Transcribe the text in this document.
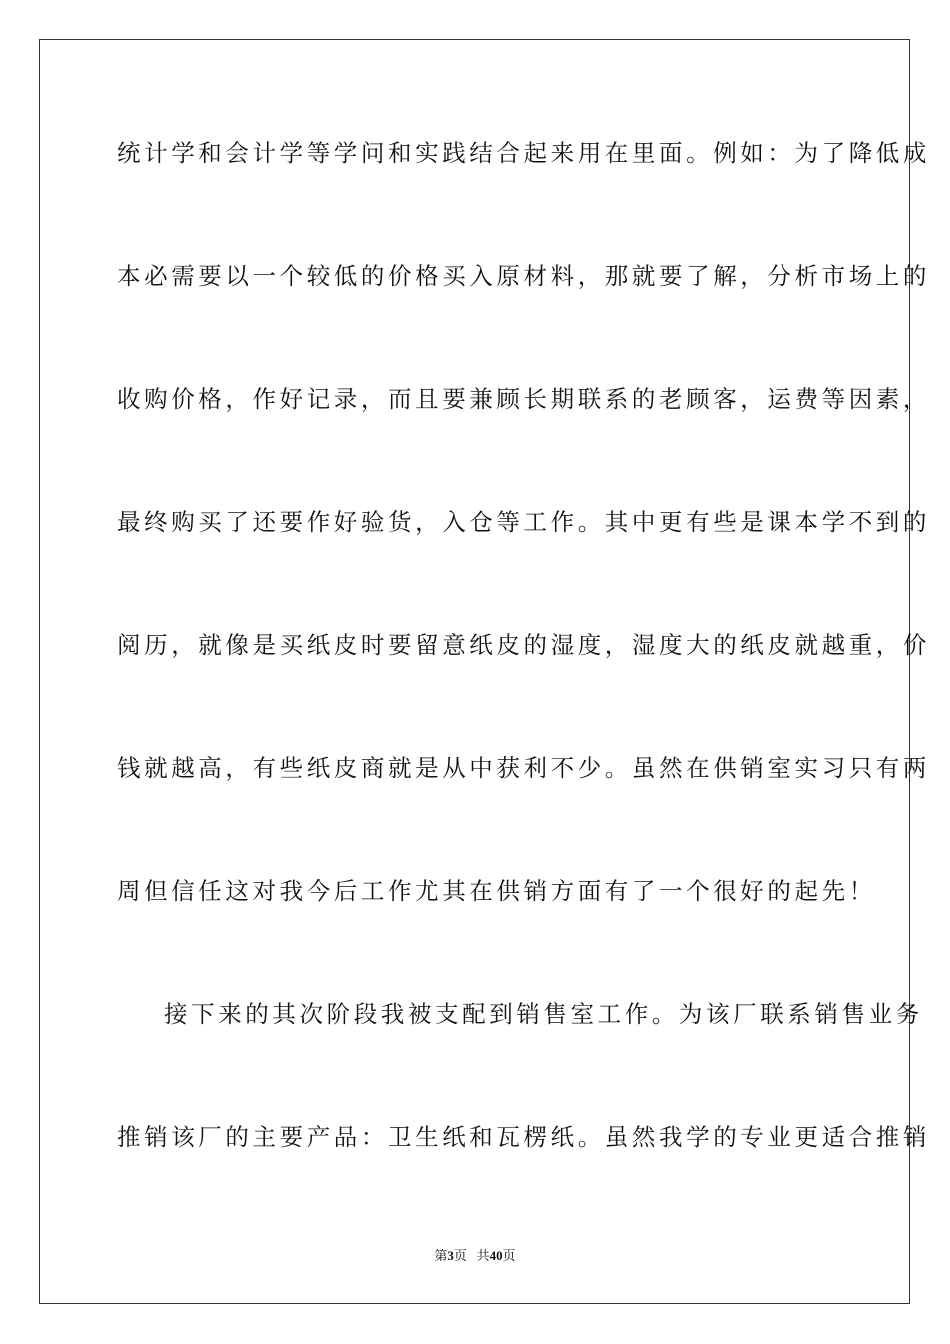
统计学和会计学等学问和实践结合起来用在里面。例如：为了降低成
本必需要以一个较低的价格买入原材料，那就要了解，分析市场上的
收购价格，作好记录，而且要兼顾长期联系的老顾客，运费等因素，
最终购买了还要作好验货，入仓等工作。其中更有些是课本学不到的
阅历，就像是买纸皮时要留意纸皮的湿度，湿度大的纸皮就越重，价
钱就越高，有些纸皮商就是从中获利不少。虽然在供销室实习只有两
周但信任这对我今后工作尤其在供销方面有了一个很好的起先！
接下来的其次阶段我被支配到销售室工作。为该厂联系销售业务
推销该厂的主要产品：卫生纸和瓦楞纸。虽然我学的专业更适合推销
第3页 共40页
